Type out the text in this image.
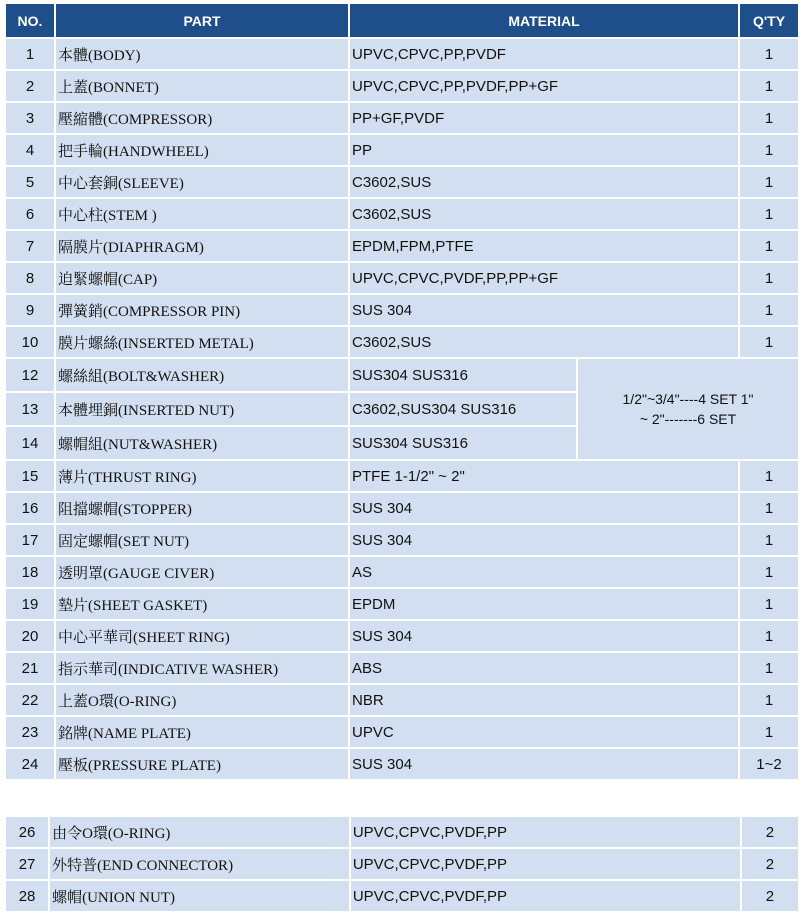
NO.	PART	MATERIAL		Q'TY
1	本體(BODY)	UPVC,CPVC,PP,PVDF		1
2	上蓋(BONNET)	UPVC,CPVC,PP,PVDF,PP+GF		1
3	壓縮體(COMPRESSOR)	PP+GF,PVDF		1
4	把手輪(HANDWHEEL)	PP		1
5	中心套銅(SLEEVE)	C3602,SUS		1
6	中心柱(STEM )	C3602,SUS		1
7	隔膜片(DIAPHRAGM)	EPDM,FPM,PTFE		1
8	迫緊螺帽(CAP)	UPVC,CPVC,PVDF,PP,PP+GF		1
9	彈簧銷(COMPRESSOR PIN)	SUS 304		1
10	膜片螺絲(INSERTED METAL)	C3602,SUS		1
12	螺絲組(BOLT&WASHER)	SUS304 SUS316	1/2"~3/4"----4 SET 1"
~ 2"-------6 SET	

13	本體埋銅(INSERTED NUT)	C3602,SUS304 SUS316		
14	螺帽組(NUT&WASHER)	SUS304 SUS316		
15	薄片(THRUST RING)	PTFE 1-1/2" ~ 2"		1
16	阻擋螺帽(STOPPER)	SUS 304		1
17	固定螺帽(SET NUT)	SUS 304		1
18	透明罩(GAUGE CIVER)	AS		1
19	墊片(SHEET GASKET)	EPDM		1
20	中心平華司(SHEET RING)	SUS 304		1
21	指示華司(INDICATIVE WASHER)	ABS		1
22	上蓋O環(O-RING)	NBR		1
23	銘牌(NAME PLATE)	UPVC		1
24	壓板(PRESSURE PLATE)	SUS 304		1~2
26	由令O環(O-RING)	UPVC,CPVC,PVDF,PP	2
27	外特普(END CONNECTOR)	UPVC,CPVC,PVDF,PP	2
28	螺帽(UNION NUT)	UPVC,CPVC,PVDF,PP	2
